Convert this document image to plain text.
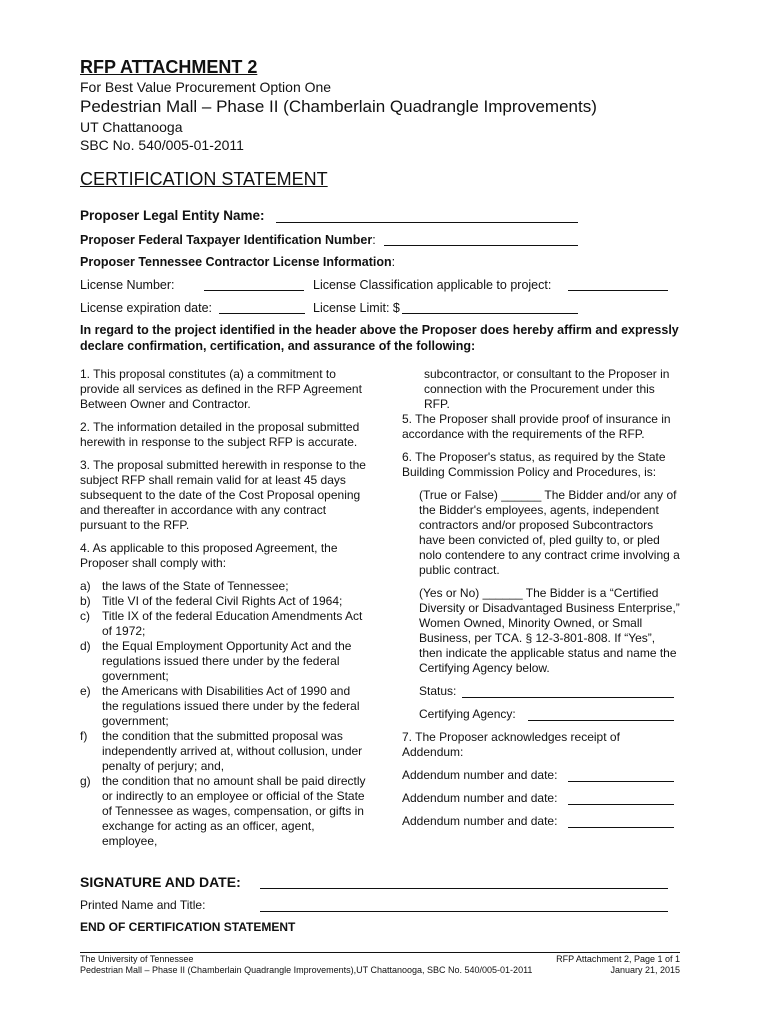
RFP ATTACHMENT 2
For Best Value Procurement Option One
Pedestrian Mall – Phase II (Chamberlain Quadrangle Improvements)
UT Chattanooga
SBC No. 540/005-01-2011
CERTIFICATION STATEMENT
Proposer Legal Entity Name:
Proposer Federal Taxpayer Identification Number:
Proposer Tennessee Contractor License Information:
License Number:	License Classification applicable to project:
License expiration date:	License Limit: $
In regard to the project identified in the header above the Proposer does hereby affirm and expressly declare confirmation, certification, and assurance of the following:

1. This proposal constitutes (a) a commitment to provide all services as defined in the RFP Agreement Between Owner and Contractor.

2. The information detailed in the proposal submitted herewith in response to the subject RFP is accurate.

3. The proposal submitted herewith in response to the subject RFP shall remain valid for at least 45 days subsequent to the date of the Cost Proposal opening and thereafter in accordance with any contract pursuant to the RFP.

4. As applicable to this proposed Agreement, the Proposer shall comply with:

a) the laws of the State of Tennessee;
b) Title VI of the federal Civil Rights Act of 1964;
c) Title IX of the federal Education Amendments Act of 1972;
d) the Equal Employment Opportunity Act and the regulations issued there under by the federal government;
e) the Americans with Disabilities Act of 1990 and the regulations issued there under by the federal government;
f) the condition that the submitted proposal was independently arrived at, without collusion, under penalty of perjury; and,
g) the condition that no amount shall be paid directly or indirectly to an employee or official of the State of Tennessee as wages, compensation, or gifts in exchange for acting as an officer, agent, employee,

subcontractor, or consultant to the Proposer in connection with the Procurement under this RFP.

5. The Proposer shall provide proof of insurance in accordance with the requirements of the RFP.

6. The Proposer's status, as required by the State Building Commission Policy and Procedures, is:

(True or False) ______ The Bidder and/or any of the Bidder's employees, agents, independent contractors and/or proposed Subcontractors have been convicted of, pled guilty to, or pled nolo contendere to any contract crime involving a public contract.

(Yes or No) ______ The Bidder is a “Certified Diversity or Disadvantaged Business Enterprise,” Women Owned, Minority Owned, or Small Business, per TCA. § 12-3-801-808. If “Yes”, then indicate the applicable status and name the Certifying Agency below.

Status:
Certifying Agency:

7. The Proposer acknowledges receipt of Addendum:

Addendum number and date:
Addendum number and date:
Addendum number and date:
SIGNATURE AND DATE:
Printed Name and Title:
END OF CERTIFICATION STATEMENT
The University of Tennessee	RFP Attachment 2, Page 1 of 1
Pedestrian Mall – Phase II (Chamberlain Quadrangle Improvements),UT Chattanooga, SBC No. 540/005-01-2011	January 21, 2015
